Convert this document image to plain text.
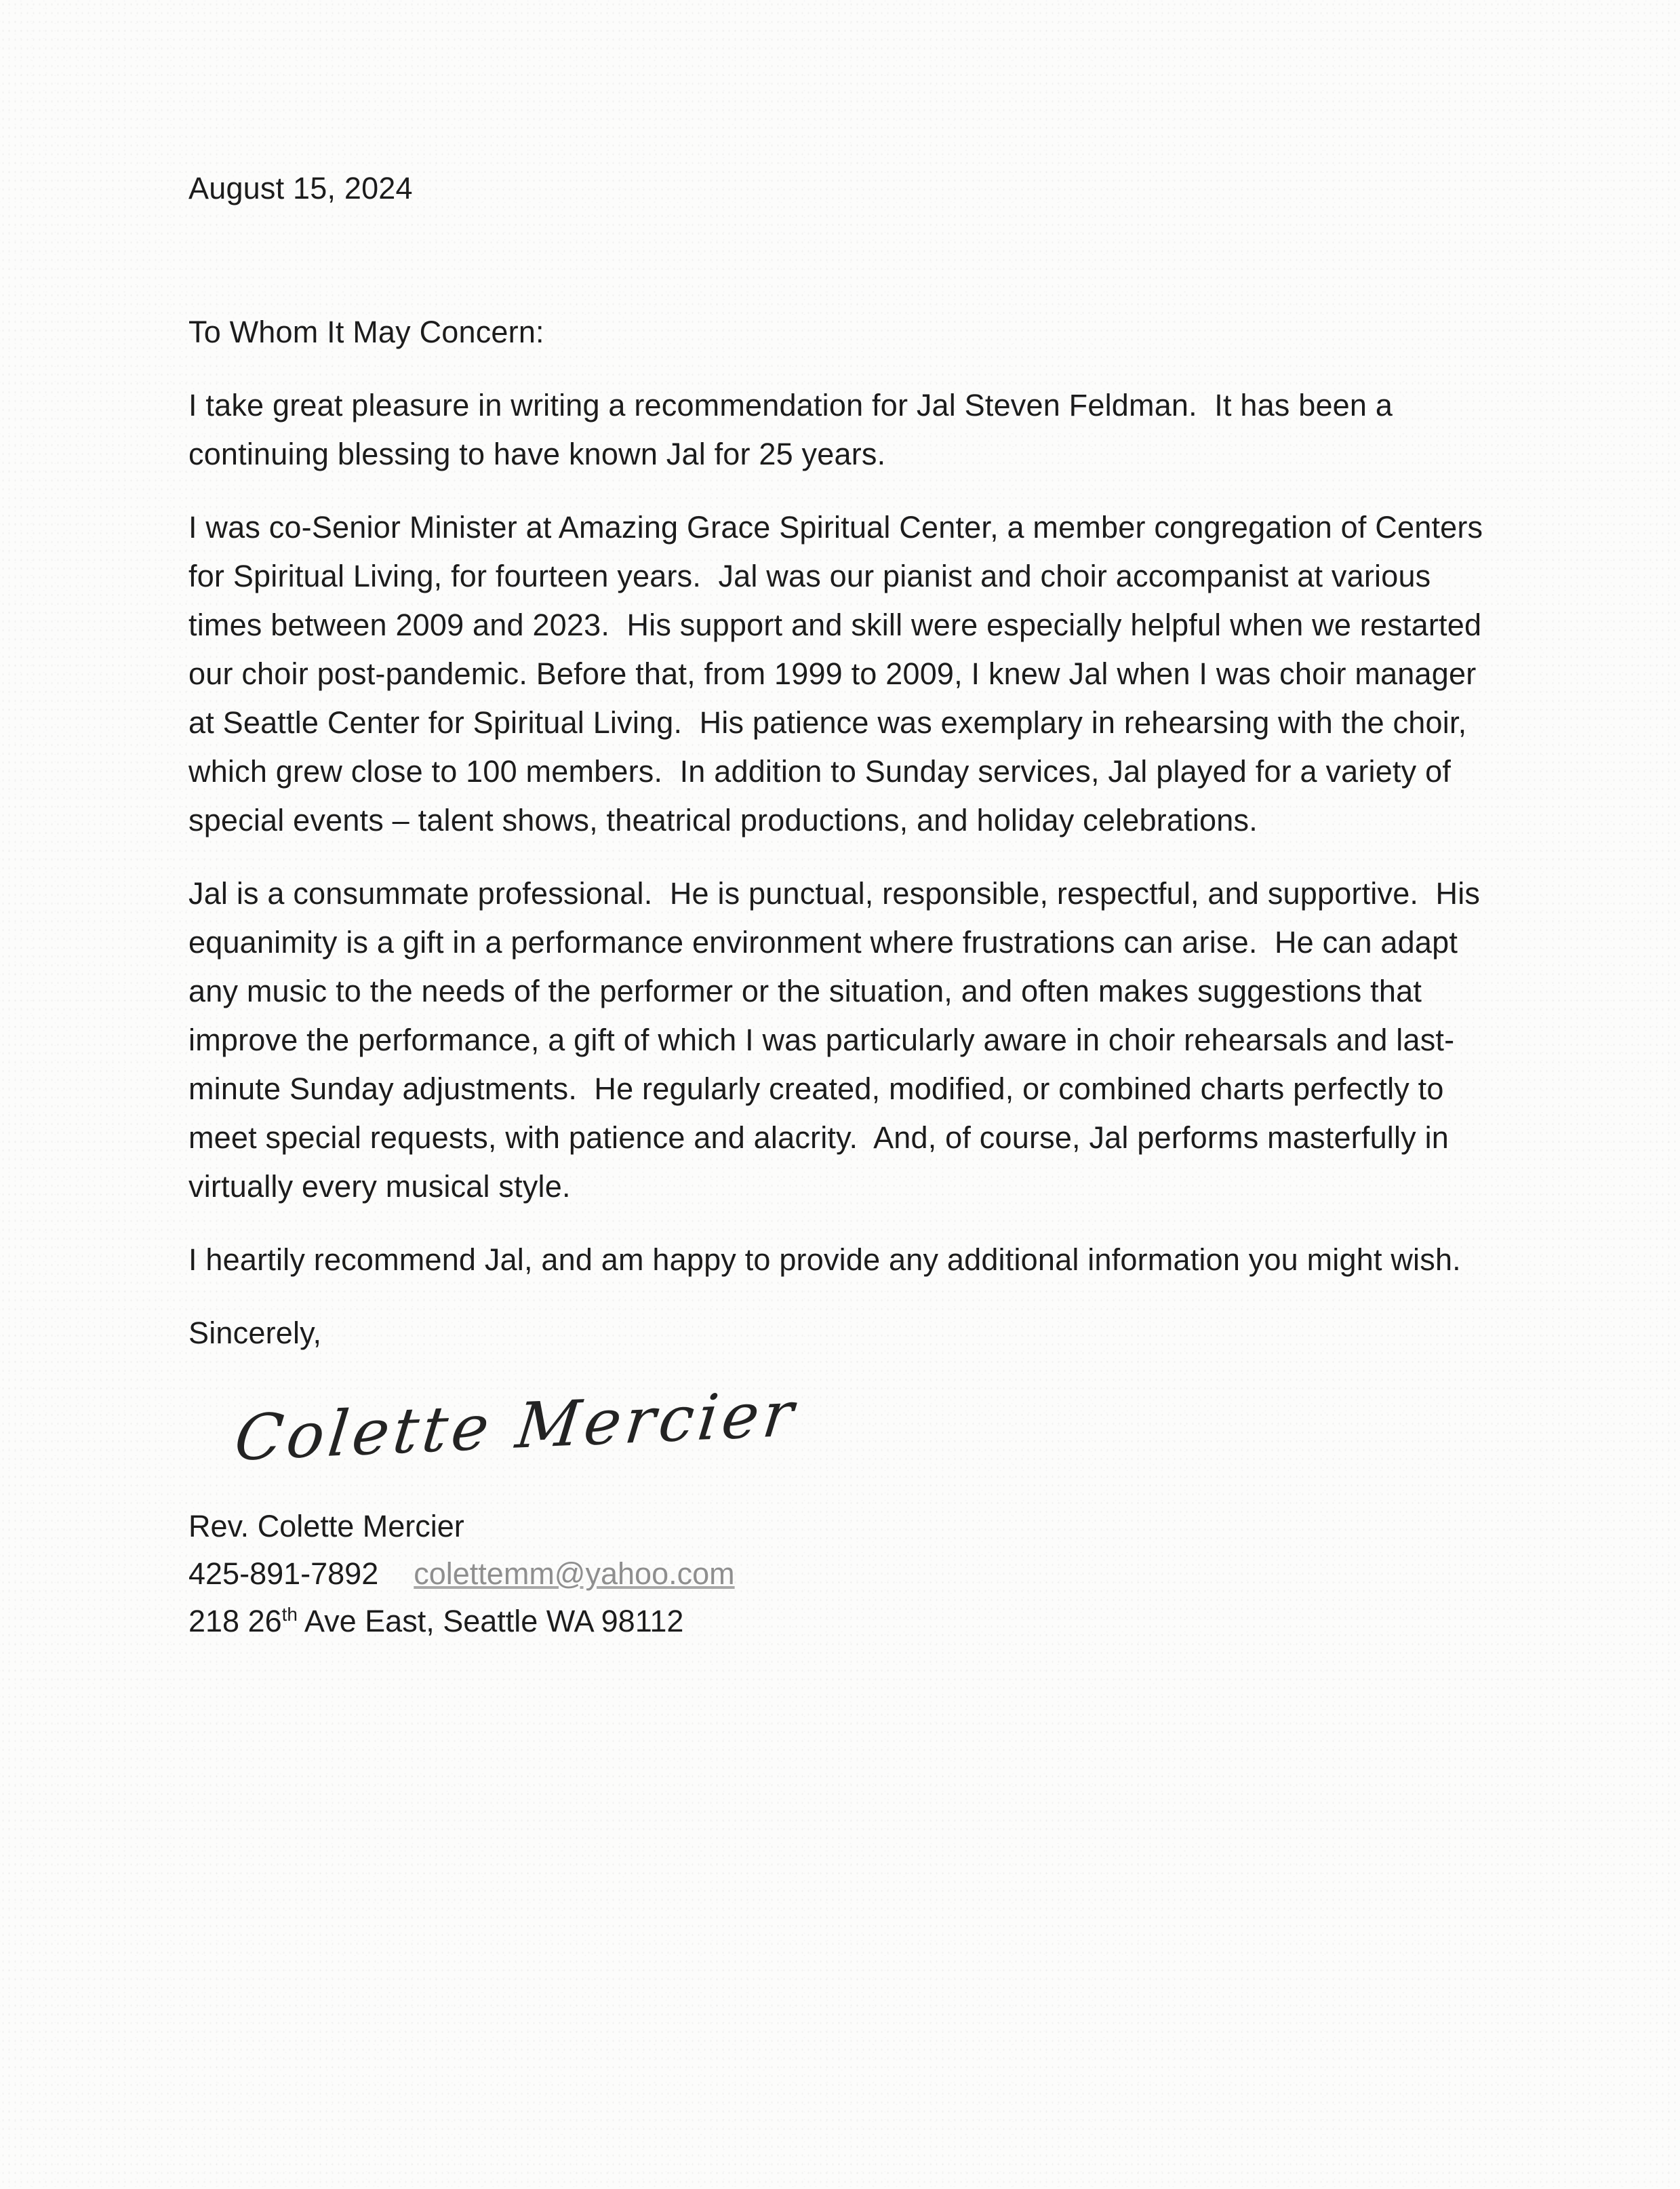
August 15, 2024

To Whom It May Concern:

I take great pleasure in writing a recommendation for Jal Steven Feldman.  It has been a continuing blessing to have known Jal for 25 years.

I was co-Senior Minister at Amazing Grace Spiritual Center, a member congregation of Centers for Spiritual Living, for fourteen years.  Jal was our pianist and choir accompanist at various times between 2009 and 2023.  His support and skill were especially helpful when we restarted our choir post-pandemic. Before that, from 1999 to 2009, I knew Jal when I was choir manager at Seattle Center for Spiritual Living.  His patience was exemplary in rehearsing with the choir, which grew close to 100 members.  In addition to Sunday services, Jal played for a variety of special events – talent shows, theatrical productions, and holiday celebrations.

Jal is a consummate professional.  He is punctual, responsible, respectful, and supportive.  His equanimity is a gift in a performance environment where frustrations can arise.  He can adapt any music to the needs of the performer or the situation, and often makes suggestions that improve the performance, a gift of which I was particularly aware in choir rehearsals and last-minute Sunday adjustments.  He regularly created, modified, or combined charts perfectly to meet special requests, with patience and alacrity.  And, of course, Jal performs masterfully in virtually every musical style.

I heartily recommend Jal, and am happy to provide any additional information you might wish.

Sincerely,

Colette Mercier

Rev. Colette Mercier

425-891-7892 colettemm@yahoo.com

218 26th Ave East, Seattle WA 98112
